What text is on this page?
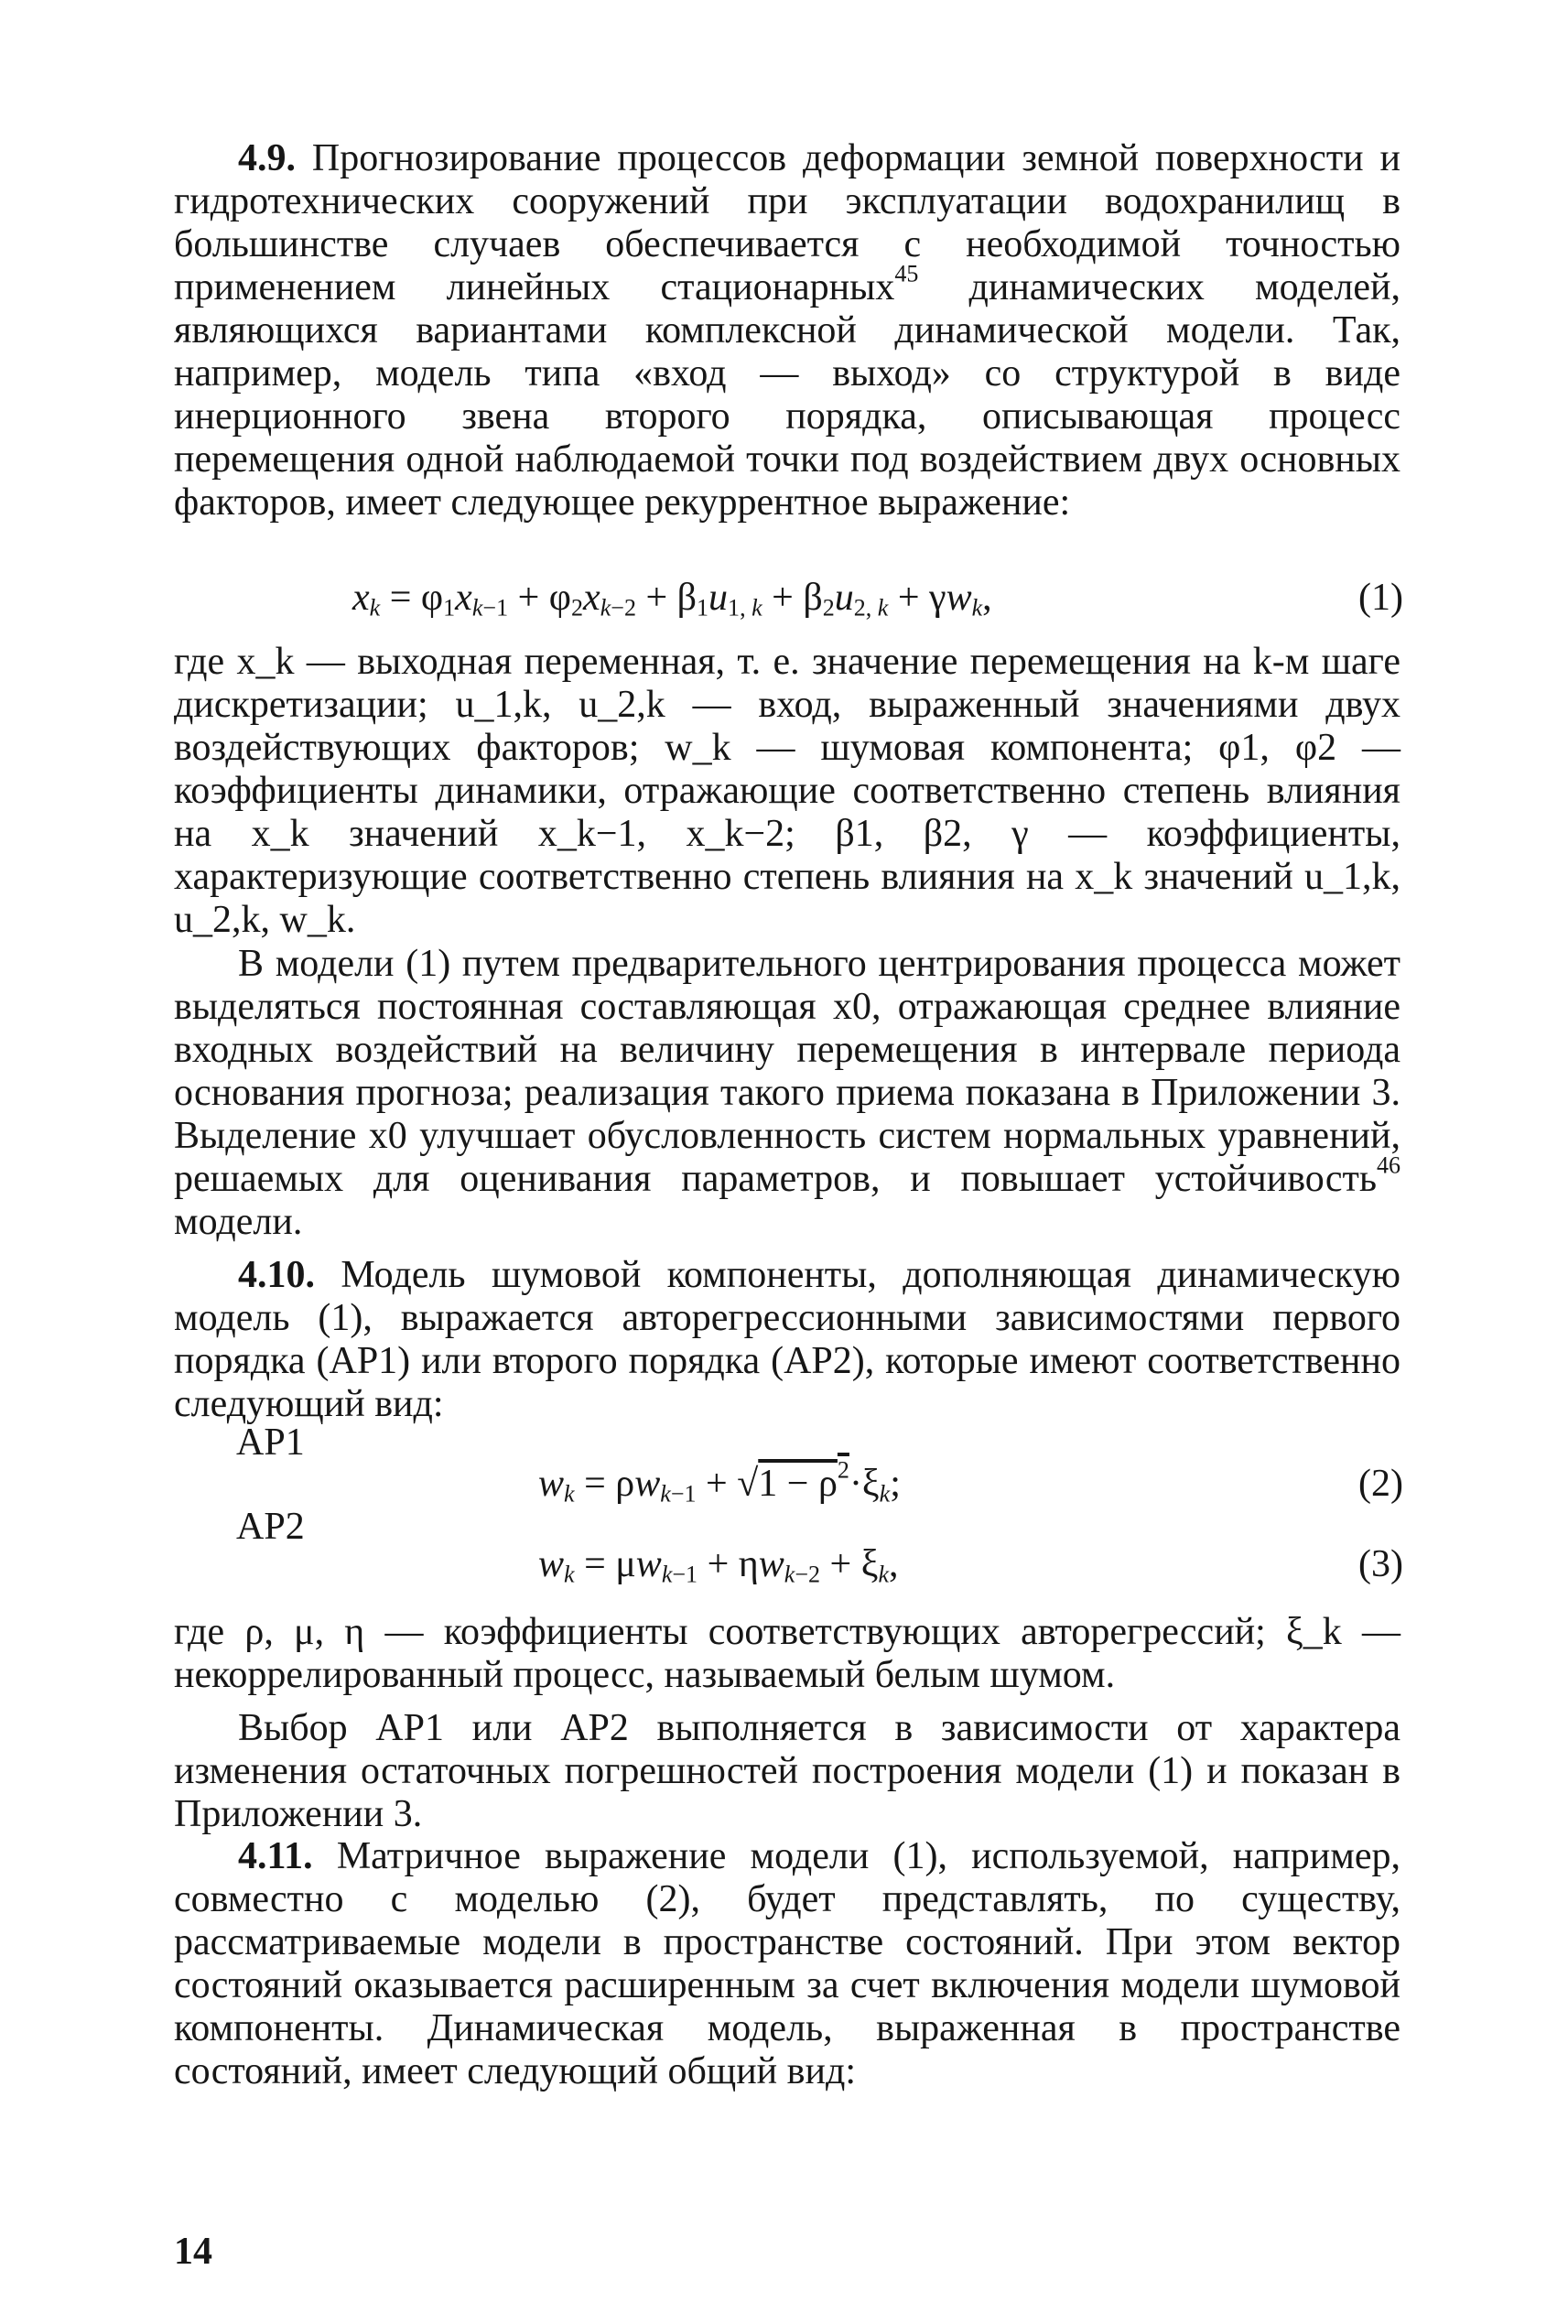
4.9. Прогнозирование процессов деформации земной поверхности и гидротехнических сооружений при эксплуатации водохранилищ в большинстве случаев обеспечивается с необходимой точностью применением линейных стационарных$^{45}$ динамических моделей, являющихся вариантами комплексной динамической модели. Так, например, модель типа «вход — выход» со структурой в виде инерционного звена второго порядка, описывающая процесс перемещения одной наблюдаемой точки под воздействием двух основных факторов, имеет следующее рекуррентное выражение:

$x_k = \varphi_1x_{k-1} + \varphi_2x_{k-2} + \beta_1u_{1, k} + \beta_2u_{2, k} + \gamma w_k$,	(1)

где x_k — выходная переменная, т. е. значение перемещения на k-м шаге дискретизации; u_1,k, u_2,k — вход, выраженный значениями двух воздействующих факторов; w_k — шумовая компонента; φ1, φ2 — коэффициенты динамики, отражающие соответственно степень влияния на x_k значений x_k−1, x_k−2; β1, β2, γ — коэффициенты, характеризующие соответственно степень влияния на x_k значений u_1,k, u_2,k, w_k.

В модели (1) путем предварительного центрирования процесса может выделяться постоянная составляющая x0, отражающая среднее влияние входных воздействий на величину перемещения в интервале периода основания прогноза; реализация такого приема показана в Приложении 3. Выделение x0 улучшает обусловленность систем нормальных уравнений, решаемых для оценивания параметров, и повышает устойчивость$^{46}$ модели.

4.10. Модель шумовой компоненты, дополняющая динамическую модель (1), выражается авторегрессионными зависимостями первого порядка (АР1) или второго порядка (АР2), которые имеют соответственно следующий вид:

АР1
$w_k = \rho w_{k-1} + √1 - \rho^2\cdot\xi_k$;	(2)
АР2
$w_k = \mu w_{k-1} + \eta w_{k-2} + \xi_k$,	(3)

где ρ, μ, η — коэффициенты соответствующих авторегрессий; ξ_k — некоррелированный процесс, называемый белым шумом.

Выбор АР1 или АР2 выполняется в зависимости от характера изменения остаточных погрешностей построения модели (1) и показан в Приложении 3.

4.11. Матричное выражение модели (1), используемой, например, совместно с моделью (2), будет представлять, по существу, рассматриваемые модели в пространстве состояний. При этом вектор состояний оказывается расширенным за счет включения модели шумовой компоненты. Динамическая модель, выраженная в пространстве состояний, имеет следующий общий вид:

14
